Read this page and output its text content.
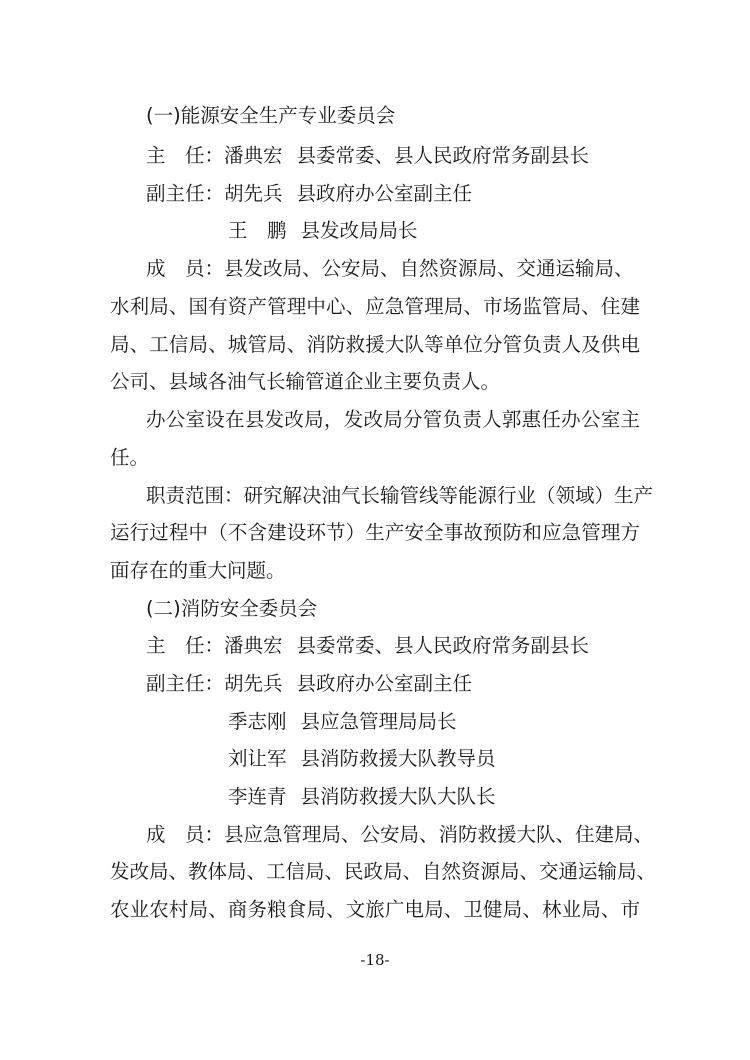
(一)能源安全生产专业委员会
主　任：潘典宏 县委常委、县人民政府常务副县长
副主任：胡先兵 县政府办公室副主任
王　鹏 县发改局局长
成　员：县发改局、公安局、自然资源局、交通运输局、
水利局、国有资产管理中心、应急管理局、市场监管局、住建
局、工信局、城管局、消防救援大队等单位分管负责人及供电
公司、县域各油气长输管道企业主要负责人。
办公室设在县发改局，发改局分管负责人郭惠任办公室主
任。
职责范围：研究解决油气长输管线等能源行业（领域）生产
运行过程中（不含建设环节）生产安全事故预防和应急管理方
面存在的重大问题。
(二)消防安全委员会
主　任：潘典宏 县委常委、县人民政府常务副县长
副主任：胡先兵 县政府办公室副主任
季志刚 县应急管理局局长
刘让军 县消防救援大队教导员
李连青 县消防救援大队大队长
成　员：县应急管理局、公安局、消防救援大队、住建局、
发改局、教体局、工信局、民政局、自然资源局、交通运输局、
农业农村局、商务粮食局、文旅广电局、卫健局、林业局、市
-18-
